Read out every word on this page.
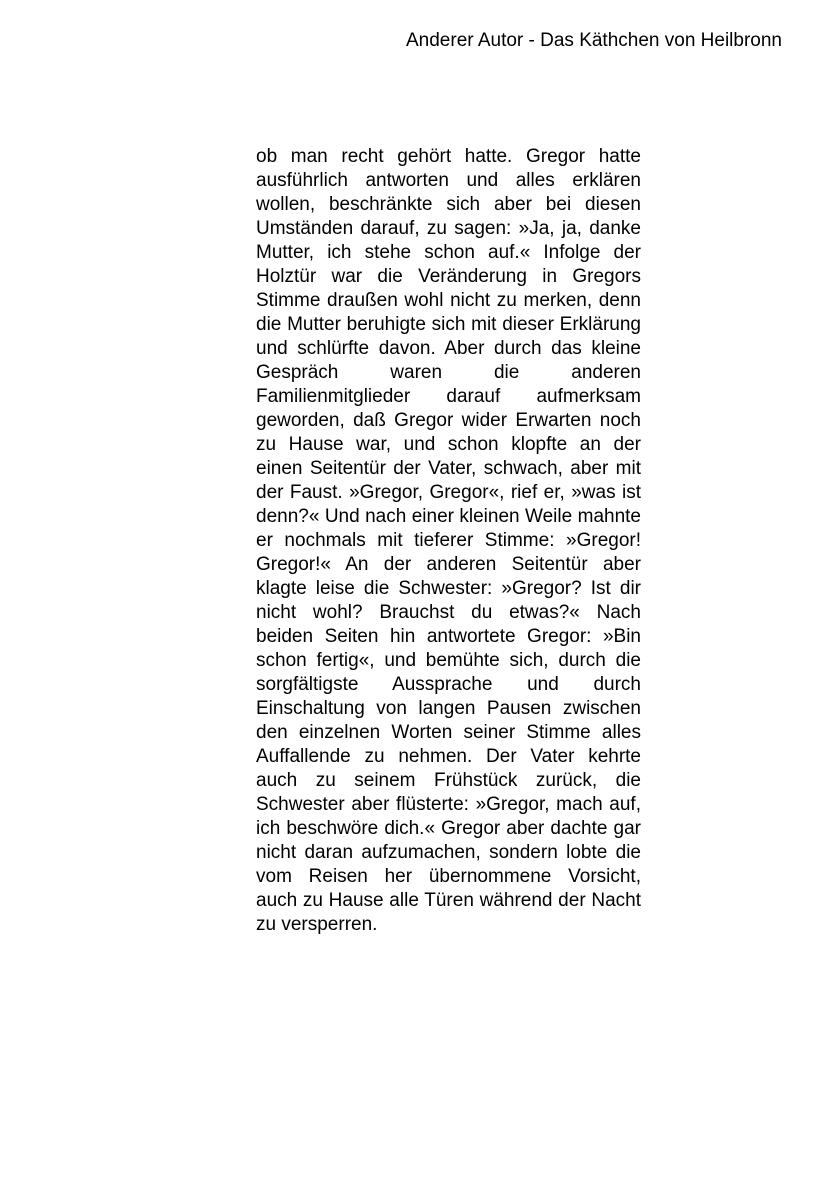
Anderer Autor - Das Käthchen von Heilbronn

ob man recht gehört hatte. Gregor hatte ausführlich antworten und alles erklären wollen, beschränkte sich aber bei diesen Umständen darauf, zu sagen: »Ja, ja, danke Mutter, ich stehe schon auf.« Infolge der Holztür war die Veränderung in Gregors Stimme draußen wohl nicht zu merken, denn die Mutter beruhigte sich mit dieser Erklärung und schlürfte davon. Aber durch das kleine Gespräch waren die anderen Familienmitglieder darauf aufmerksam geworden, daß Gregor wider Erwarten noch zu Hause war, und schon klopfte an der einen Seitentür der Vater, schwach, aber mit der Faust. »Gregor, Gregor«, rief er, »was ist denn?« Und nach einer kleinen Weile mahnte er nochmals mit tieferer Stimme: »Gregor! Gregor!« An der anderen Seitentür aber klagte leise die Schwester: »Gregor? Ist dir nicht wohl? Brauchst du etwas?« Nach beiden Seiten hin antwortete Gregor: »Bin schon fertig«, und bemühte sich, durch die sorgfältigste Aussprache und durch Einschaltung von langen Pausen zwischen den einzelnen Worten seiner Stimme alles Auffallende zu nehmen. Der Vater kehrte auch zu seinem Frühstück zurück, die Schwester aber flüsterte: »Gregor, mach auf, ich beschwöre dich.« Gregor aber dachte gar nicht daran aufzumachen, sondern lobte die vom Reisen her übernommene Vorsicht, auch zu Hause alle Türen während der Nacht zu versperren.
